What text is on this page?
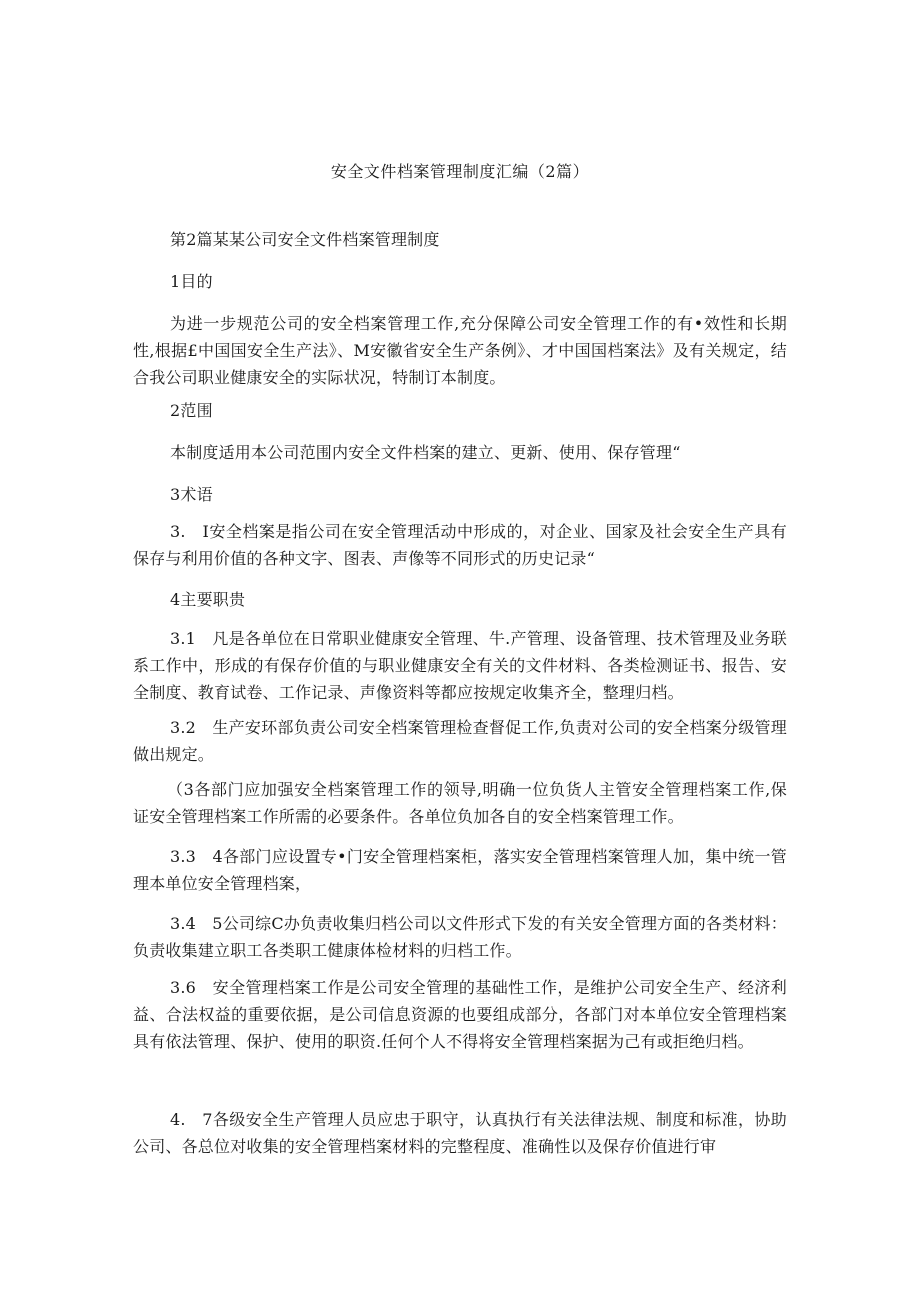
安全文件档案管理制度汇编（2篇）

第2篇某某公司安全文件档案管理制度

1目的

为进一步规范公司的安全档案管理工作,充分保障公司安全管理工作的有•效性和长期性,根据£中国国安全生产法》、M安徽省安全生产条例》、才中国国档案法》及有关规定，结合我公司职业健康安全的实际状况，特制订本制度。

2范围

本制度适用本公司范围内安全文件档案的建立、更新、使用、保存管理“

3术语

3.　I安全档案是指公司在安全管理活动中形成的，对企业、国家及社会安全生产具有保存与利用价值的各种文字、图表、声像等不同形式的历史记录“

4主要职贵

3.1　凡是各单位在日常职业健康安全管理、牛.产管理、设备管理、技术管理及业务联系工作中，形成的有保存价值的与职业健康安全有关的文件材料、各类检测证书、报告、安全制度、教育试卷、工作记录、声像资料等都应按规定收集齐全，整理归档。

3.2　生产安环部负责公司安全档案管理检查督促工作,负责对公司的安全档案分级管理做出规定。

（3各部门应加强安全档案管理工作的领导,明确一位负货人主管安全管理档案工作,保证安全管理档案工作所需的必要条件。各单位负加各自的安全档案管理工作。

3.3　4各部门应设置专•门安全管理档案柜，落实安全管理档案管理人加，集中统一管理本单位安全管理档案，

3.4　5公司综C办负责收集归档公司以文件形式下发的有关安全管理方面的各类材料：负责收集建立职工各类职工健康体检材料的归档工作。

3.6　安全管理档案工作是公司安全管理的基础性工作，是维护公司安全生产、经济利益、合法权益的重要依据，是公司信息资源的也要组成部分，各部门对本单位安全管理档案具有依法管理、保护、使用的职资.任何个人不得将安全管理档案据为己有或拒绝归档。

4.　7各级安全生产管理人员应忠于职守，认真执行有关法律法规、制度和标准，协助公司、各总位对收集的安全管理档案材料的完整程度、准确性以及保存价值进行审
